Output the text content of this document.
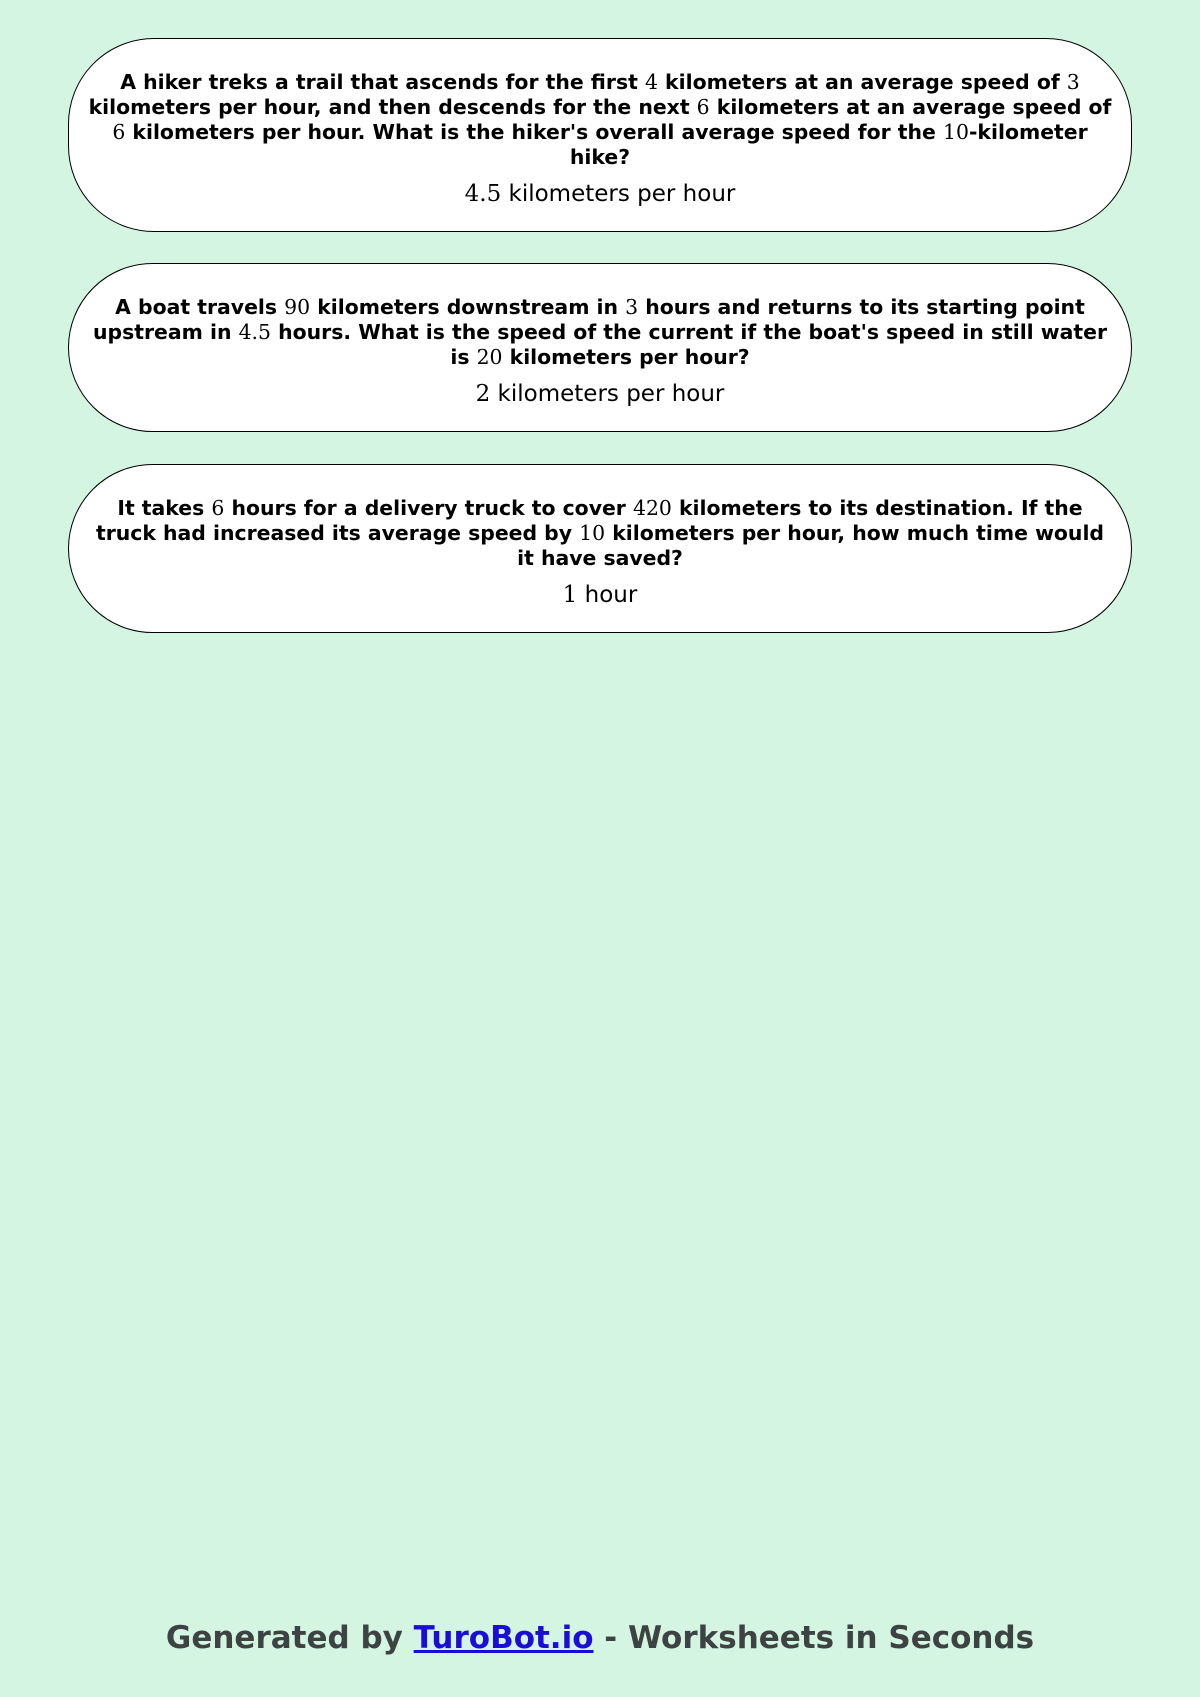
A hiker treks a trail that ascends for the first 4 kilometers at an average speed of 3 kilometers per hour, and then descends for the next 6 kilometers at an average speed of 6 kilometers per hour. What is the hiker's overall average speed for the 10-kilometer hike?

4.5 kilometers per hour

A boat travels 90 kilometers downstream in 3 hours and returns to its starting point upstream in 4.5 hours. What is the speed of the current if the boat's speed in still water is 20 kilometers per hour?

2 kilometers per hour

It takes 6 hours for a delivery truck to cover 420 kilometers to its destination. If the truck had increased its average speed by 10 kilometers per hour, how much time would it have saved?

1 hour
Generated by TuroBot.io - Worksheets in Seconds
